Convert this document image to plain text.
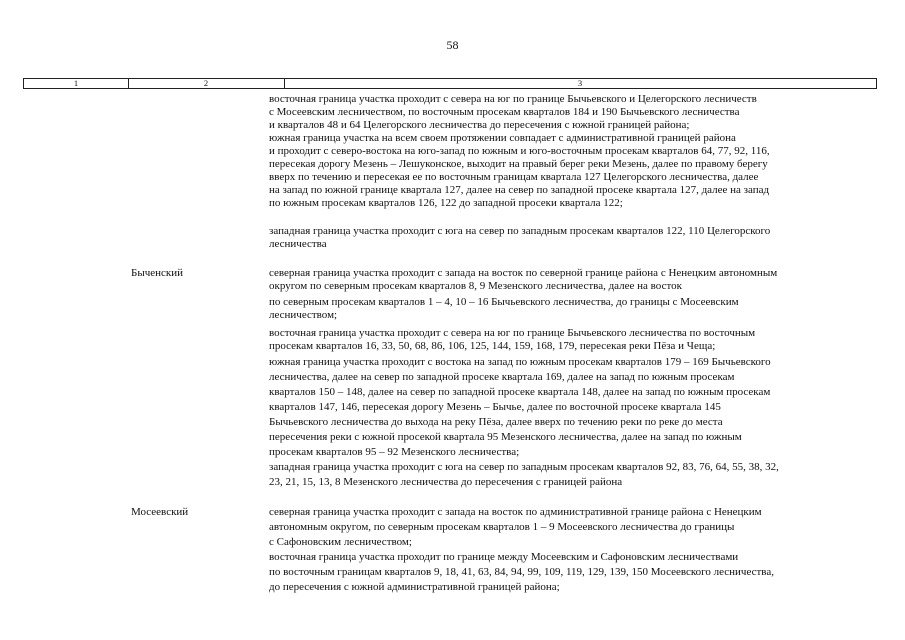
58
1	2	3
восточная граница участка проходит с севера на юг по границе Бычьевского и Целегорского лесничеств
с Мосеевским лесничеством, по восточным просекам кварталов 184 и 190 Бычьевского лесничества
и кварталов 48 и 64 Целегорского лесничества до пересечения с южной границей района;
южная граница участка на всем своем протяжении совпадает с административной границей района
и проходит с северо-востока на юго-запад по южным и юго-восточным просекам кварталов 64, 77, 92, 116,
пересекая дорогу Мезень – Лешуконское, выходит на правый берег реки Мезень, далее по правому берегу
вверх по течению и пересекая ее по восточным границам квартала 127 Целегорского лесничества, далее
на запад по южной границе квартала 127, далее на север по западной просеке квартала 127, далее на запад
по южным просекам кварталов 126, 122 до западной просеки квартала 122;
западная граница участка проходит с юга на север по западным просекам кварталов 122, 110 Целегорского
лесничества
Быченский	северная граница участка проходит с запада на восток по северной границе района с Ненецким автономным
округом по северным просекам кварталов 8, 9 Мезенского лесничества, далее на восток
по северным просекам кварталов 1 – 4, 10 – 16 Бычьевского лесничества, до границы с Мосеевским
лесничеством;
восточная граница участка проходит с севера на юг по границе Бычьевского лесничества по восточным
просекам кварталов 16, 33, 50, 68, 86, 106, 125, 144, 159, 168, 179, пересекая реки Пёза и Чеща;
южная граница участка проходит с востока на запад по южным просекам кварталов 179 – 169 Бычьевского
лесничества, далее на север по западной просеке квартала 169, далее на запад по южным просекам
кварталов 150 – 148, далее на север по западной просеке квартала 148, далее на запад по южным просекам
кварталов 147, 146, пересекая дорогу Мезень – Бычье, далее по восточной просеке квартала 145
Бычьевского лесничества до выхода на реку Пёза, далее вверх по течению реки по реке до места
пересечения реки с южной просекой квартала 95 Мезенского лесничества, далее на запад по южным
просекам кварталов 95 – 92 Мезенского лесничества;
западная граница участка проходит с юга на север по западным просекам кварталов 92, 83, 76, 64, 55, 38, 32,
23, 21, 15, 13, 8 Мезенского лесничества до пересечения с границей района
Мосеевский	северная граница участка проходит с запада на восток по административной границе района с Ненецким
автономным округом, по северным просекам кварталов 1 – 9 Мосеевского лесничества до границы
с Сафоновским лесничеством;
восточная граница участка проходит по границе между Мосеевским и Сафоновским лесничествами
по восточным границам кварталов 9, 18, 41, 63, 84, 94, 99, 109, 119, 129, 139, 150 Мосеевского лесничества,
до пересечения с южной административной границей района;
